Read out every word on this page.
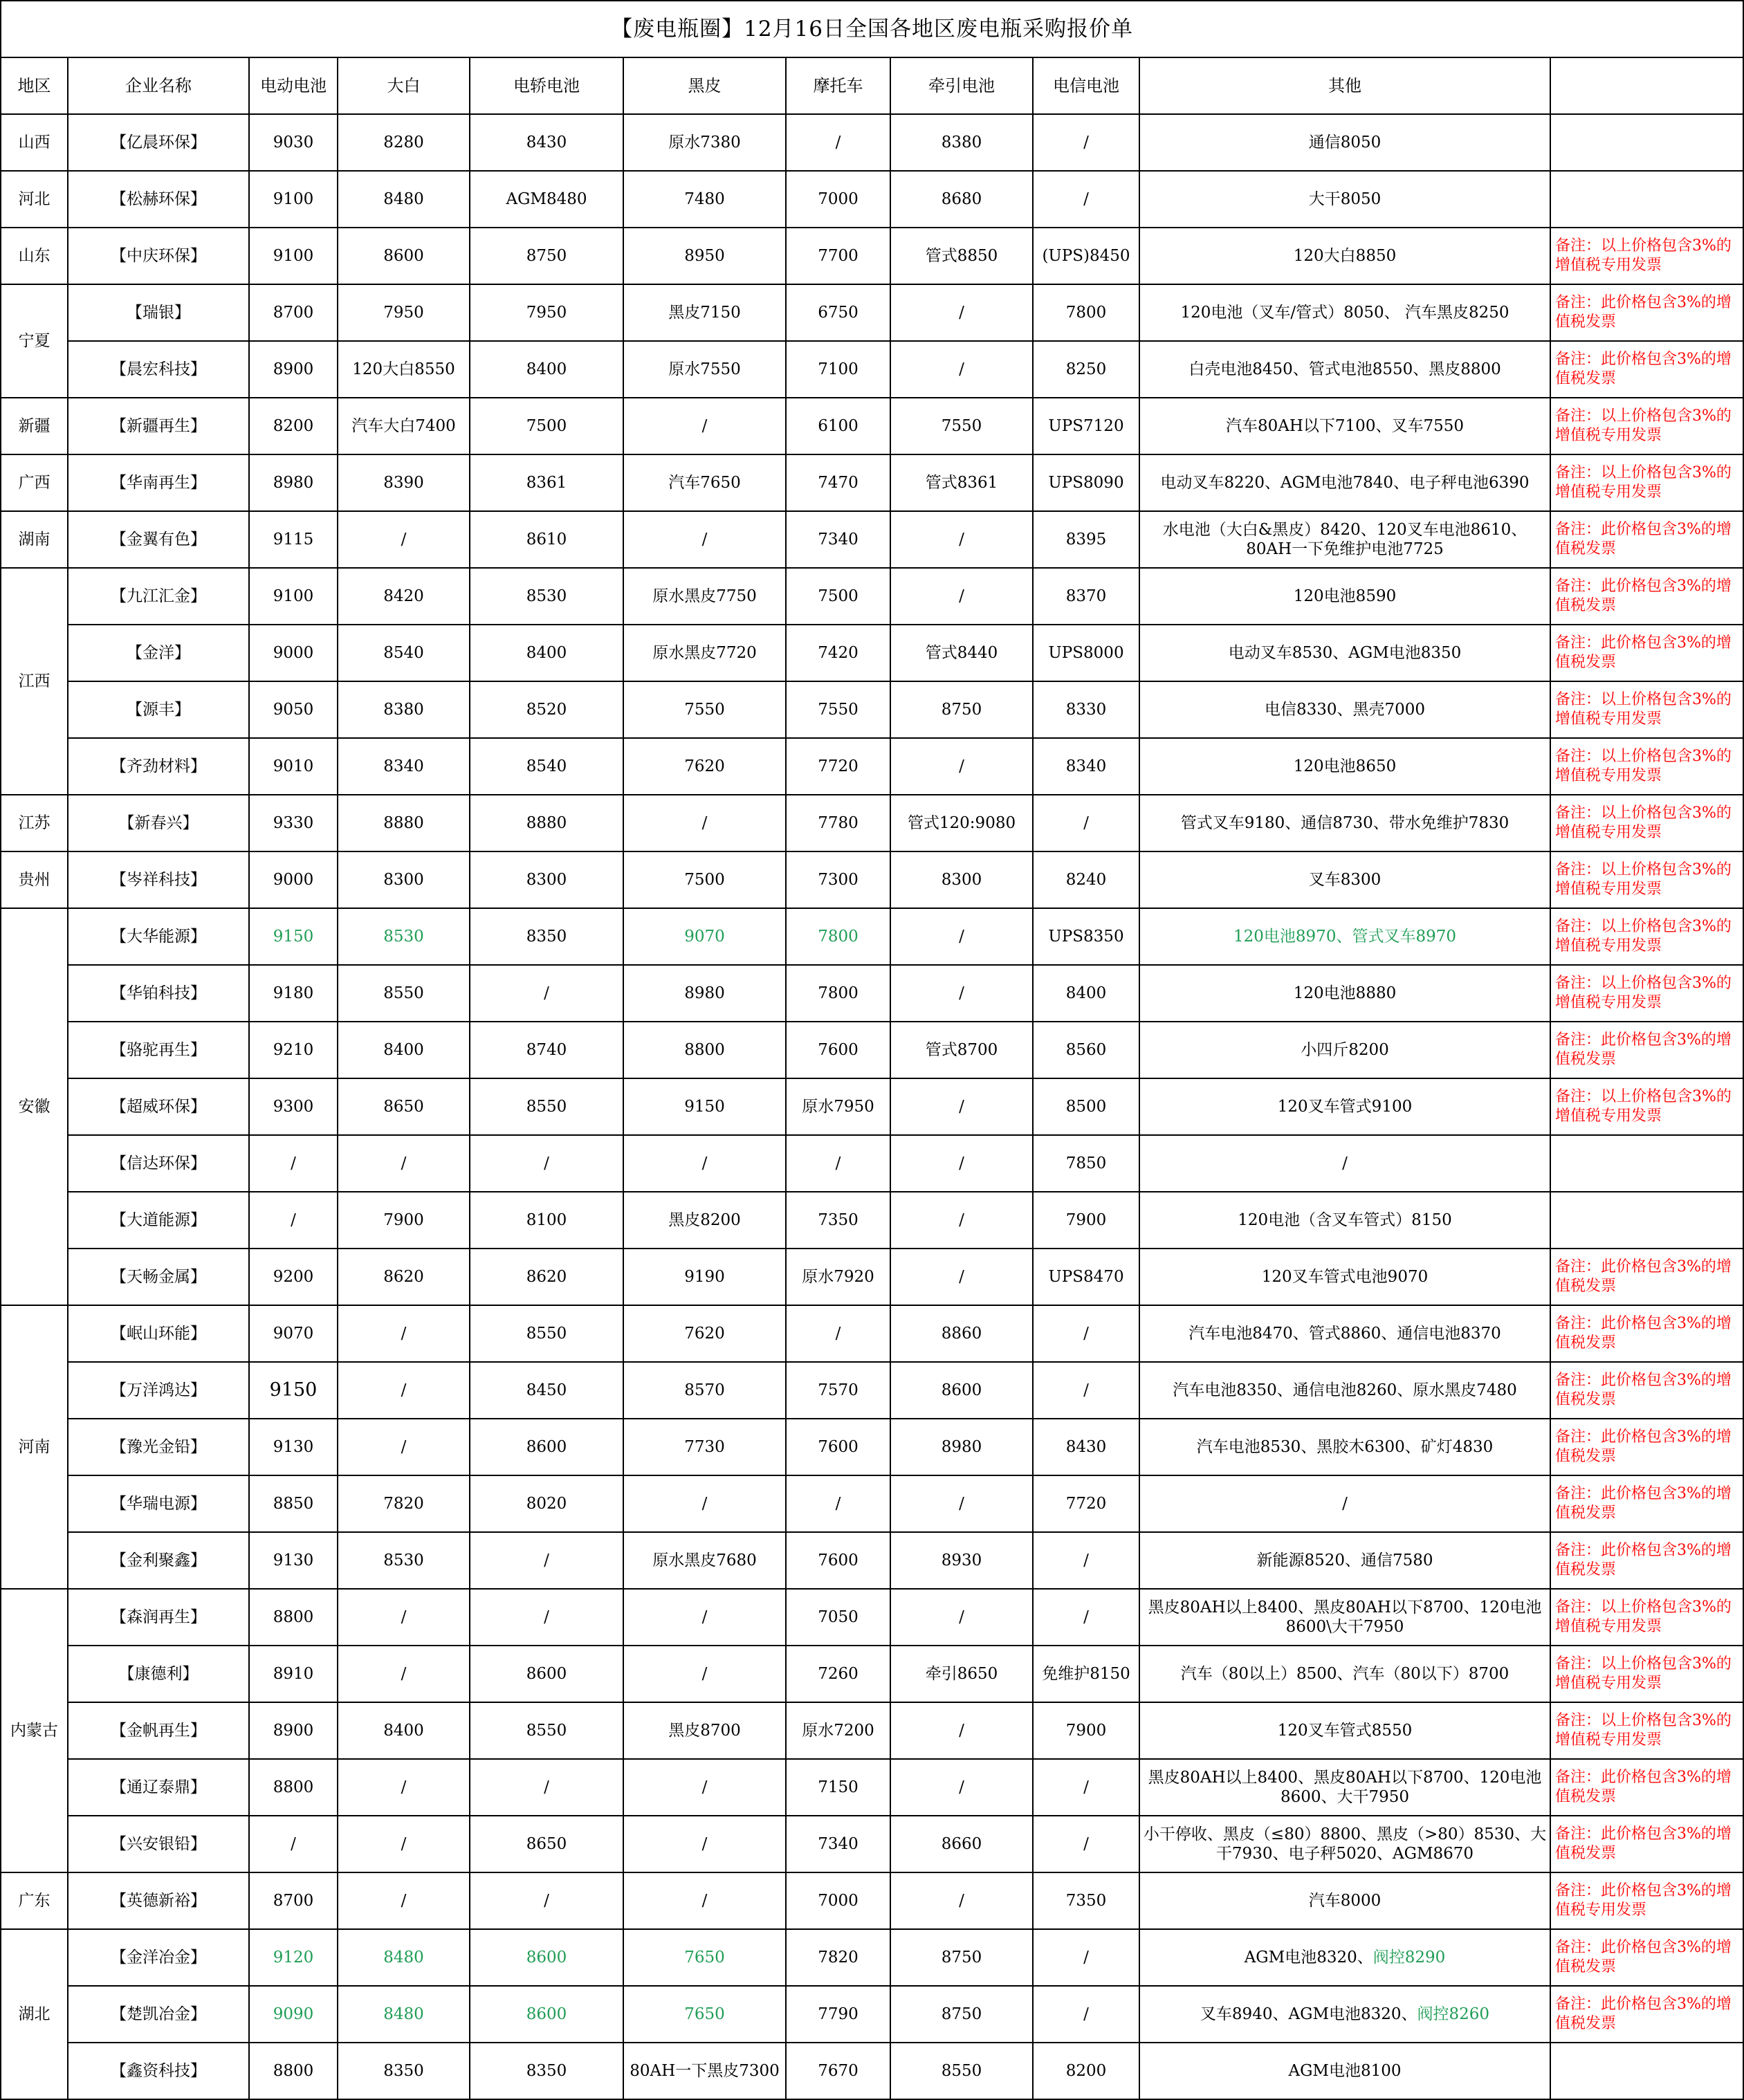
【废电瓶圈】12月16日全国各地区废电瓶采购报价单										
地区	企业名称	电动电池	大白	电轿电池	黑皮	摩托车	牵引电池	电信电池	其他	
山西	【亿晨环保】	9030	8280	8430	原水7380	/	8380	/	通信8050	
河北	【松赫环保】	9100	8480	AGM8480	7480	7000	8680	/	大干8050	
山东	【中庆环保】	9100	8600	8750	8950	7700	管式8850	(UPS)8450	120大白8850	备注：以上价格包含3%的增值税专用发票
宁夏	【瑞银】	8700	7950	7950	黑皮7150	6750	/	7800	120电池（叉车/管式）8050、 汽车黑皮8250	备注：此价格包含3%的增值税发票
	【晨宏科技】	8900	120大白8550	8400	原水7550	7100	/	8250	白壳电池8450、管式电池8550、黑皮8800	备注：此价格包含3%的增值税发票
新疆	【新疆再生】	8200	汽车大白7400	7500	/	6100	7550	UPS7120	汽车80AH以下7100、叉车7550	备注：以上价格包含3%的增值税专用发票
广西	【华南再生】	8980	8390	8361	汽车7650	7470	管式8361	UPS8090	电动叉车8220、AGM电池7840、电子秤电池6390	备注：以上价格包含3%的增值税专用发票
湖南	【金翼有色】	9115	/	8610	/	7340	/	8395	水电池（大白&黑皮）8420、120叉车电池8610、80AH一下免维护电池7725	备注：此价格包含3%的增值税发票
江西	【九江汇金】	9100	8420	8530	原水黑皮7750	7500	/	8370	120电池8590	备注：此价格包含3%的增值税发票
	【金洋】	9000	8540	8400	原水黑皮7720	7420	管式8440	UPS8000	电动叉车8530、AGM电池8350	备注：此价格包含3%的增值税发票
	【源丰】	9050	8380	8520	7550	7550	8750	8330	电信8330、黑壳7000	备注：以上价格包含3%的增值税专用发票
	【齐劲材料】	9010	8340	8540	7620	7720	/	8340	120电池8650	备注：以上价格包含3%的增值税专用发票
江苏	【新春兴】	9330	8880	8880	/	7780	管式120:9080	/	管式叉车9180、通信8730、带水免维护7830	备注：以上价格包含3%的增值税专用发票
贵州	【岑祥科技】	9000	8300	8300	7500	7300	8300	8240	叉车8300	备注：以上价格包含3%的增值税专用发票
安徽	【大华能源】	9150	8530	8350	9070	7800	/	UPS8350	120电池8970、管式叉车8970	备注：以上价格包含3%的增值税专用发票
	【华铂科技】	9180	8550	/	8980	7800	/	8400	120电池8880	备注：以上价格包含3%的增值税专用发票
	【骆驼再生】	9210	8400	8740	8800	7600	管式8700	8560	小四斤8200	备注：此价格包含3%的增值税发票
	【超威环保】	9300	8650	8550	9150	原水7950	/	8500	120叉车管式9100	备注：以上价格包含3%的增值税专用发票
	【信达环保】	/	/	/	/	/	/	7850	/	
	【大道能源】	/	7900	8100	黑皮8200	7350	/	7900	120电池（含叉车管式）8150	
	【天畅金属】	9200	8620	8620	9190	原水7920	/	UPS8470	120叉车管式电池9070	备注：此价格包含3%的增值税发票
河南	【岷山环能】	9070	/	8550	7620	/	8860	/	汽车电池8470、管式8860、通信电池8370	备注：此价格包含3%的增值税发票
	【万洋鸿达】	9150	/	8450	8570	7570	8600	/	汽车电池8350、通信电池8260、原水黑皮7480	备注：此价格包含3%的增值税发票
	【豫光金铅】	9130	/	8600	7730	7600	8980	8430	汽车电池8530、黑胶木6300、矿灯4830	备注：此价格包含3%的增值税发票
	【华瑞电源】	8850	7820	8020	/	/	/	7720	/	备注：此价格包含3%的增值税发票
	【金利聚鑫】	9130	8530	/	原水黑皮7680	7600	8930	/	新能源8520、通信7580	备注：此价格包含3%的增值税发票
内蒙古	【森润再生】	8800	/	/	/	7050	/	/	黑皮80AH以上8400、黑皮80AH以下8700、120电池8600\大干7950	备注：以上价格包含3%的增值税专用发票
	【康德利】	8910	/	8600	/	7260	牵引8650	免维护8150	汽车（80以上）8500、汽车（80以下）8700	备注：以上价格包含3%的增值税专用发票
	【金帆再生】	8900	8400	8550	黑皮8700	原水7200	/	7900	120叉车管式8550	备注：以上价格包含3%的增值税专用发票
	【通辽泰鼎】	8800	/	/	/	7150	/	/	黑皮80AH以上8400、黑皮80AH以下8700、120电池8600、大干7950	备注：此价格包含3%的增值税发票
	【兴安银铅】	/	/	8650	/	7340	8660	/	小干停收、黑皮（≤80）8800、黑皮（>80）8530、大干7930、电子秤5020、AGM8670	备注：此价格包含3%的增值税发票
广东	【英德新裕】	8700	/	/	/	7000	/	7350	汽车8000	备注：此价格包含3%的增值税专用发票
湖北	【金洋冶金】	9120	8480	8600	7650	7820	8750	/	AGM电池8320、阀控8290	备注：此价格包含3%的增值税发票
	【楚凯冶金】	9090	8480	8600	7650	7790	8750	/	叉车8940、AGM电池8320、阀控8260	备注：此价格包含3%的增值税发票
	【鑫资科技】	8800	8350	8350	80AH一下黑皮7300	7670	8550	8200	AGM电池8100	
